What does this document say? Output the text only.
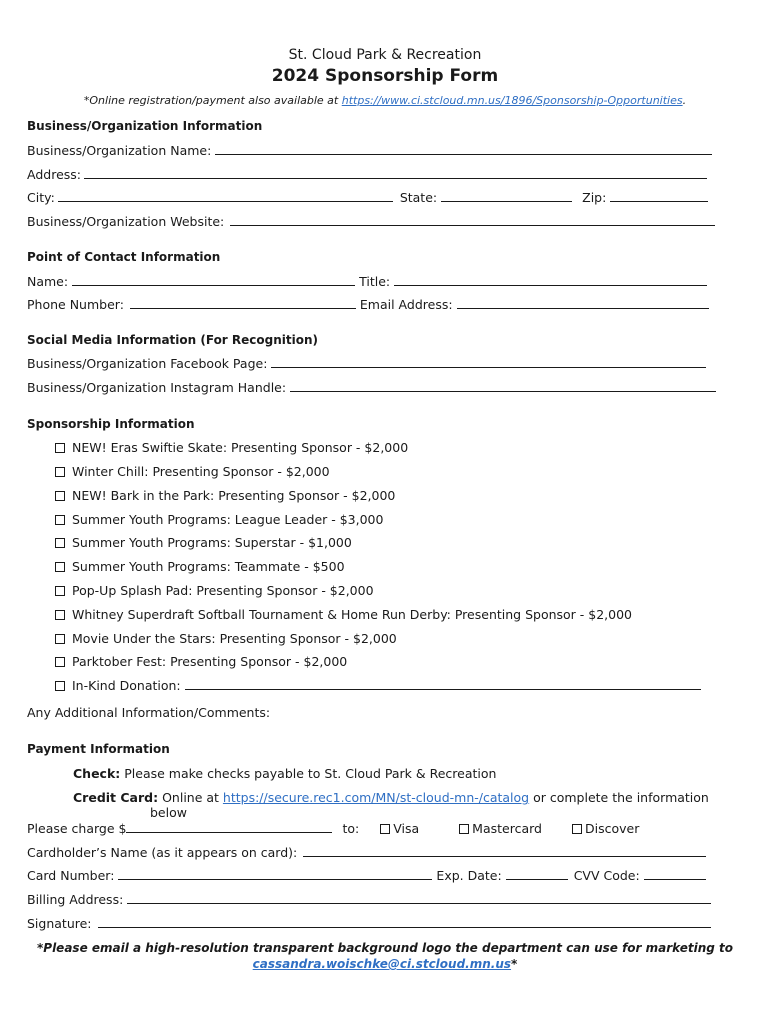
St. Cloud Park & Recreation
2024 Sponsorship Form
*Online registration/payment also available at https://www.ci.stcloud.mn.us/1896/Sponsorship-Opportunities.
Business/Organization Information
Business/Organization Name:
Address:
City:	State:	Zip:
Business/Organization Website:
Point of Contact Information
Name:	Title:
Phone Number:	Email Address:
Social Media Information (For Recognition)
Business/Organization Facebook Page:
Business/Organization Instagram Handle:
Sponsorship Information
NEW! Eras Swiftie Skate: Presenting Sponsor - $2,000
Winter Chill: Presenting Sponsor - $2,000
NEW! Bark in the Park: Presenting Sponsor - $2,000
Summer Youth Programs: League Leader - $3,000
Summer Youth Programs: Superstar - $1,000
Summer Youth Programs: Teammate - $500
Pop-Up Splash Pad: Presenting Sponsor - $2,000
Whitney Superdraft Softball Tournament & Home Run Derby: Presenting Sponsor - $2,000
Movie Under the Stars: Presenting Sponsor - $2,000
Parktober Fest: Presenting Sponsor - $2,000
In-Kind Donation:
Any Additional Information/Comments:
Payment Information
Check: Please make checks payable to St. Cloud Park & Recreation
Credit Card: Online at https://secure.rec1.com/MN/st-cloud-mn-/catalog or complete the information
below
Please charge $	to:	Visa	Mastercard	Discover
Cardholder’s Name (as it appears on card):
Card Number:	Exp. Date:	CVV Code:
Billing Address:
Signature:
*Please email a high-resolution transparent background logo the department can use for marketing to
cassandra.woischke@ci.stcloud.mn.us*
